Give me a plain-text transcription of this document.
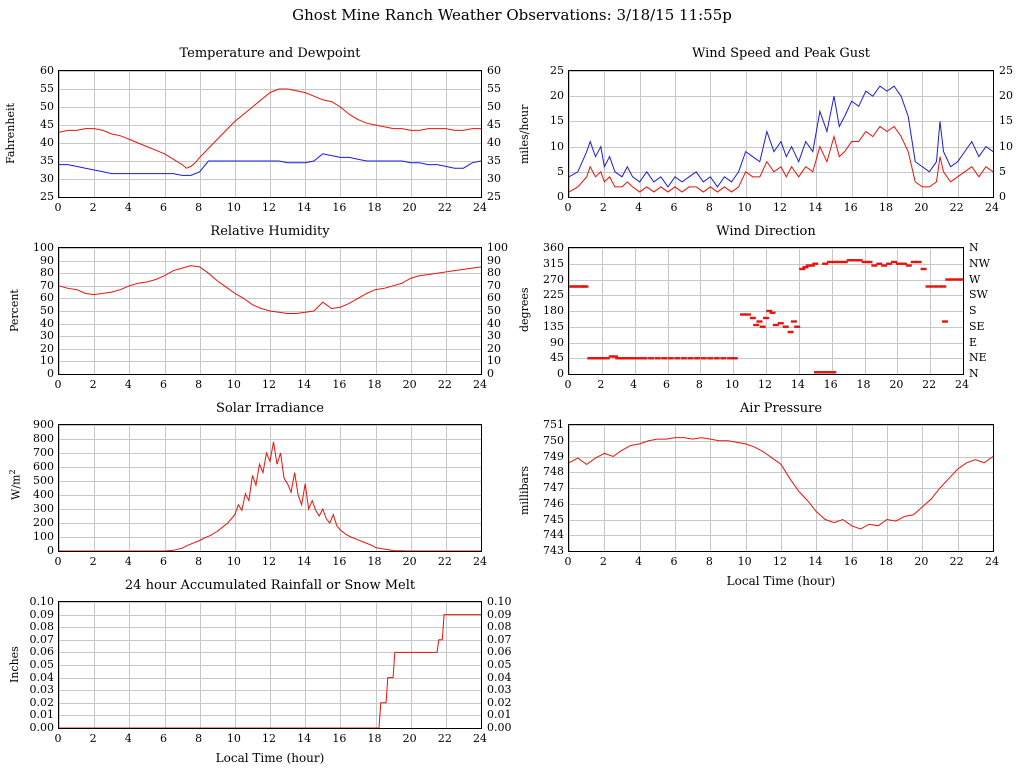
Ghost Mine Ranch Weather Observations: 3/18/15 11:55p
Temperature and Dewpoint
25
30
35
40
45
50
55
60
25
30
35
40
45
50
55
60
0	2	4	6	8	10	12	14	16	18	20	22	24
Fahrenheit
Wind Speed and Peak Gust
0
5
10
15
20
25
0
5
10
15
20
25
0	2	4	6	8	10	12	14	16	18	20	22	24
miles/hour
Relative Humidity
0
10
20
30
40
50
60
70
80
90
100
0
10
20
30
40
50
60
70
80
90
100
0	2	4	6	8	10	12	14	16	18	20	22	24
Percent
Wind Direction
0
45
90
135
180
225
270
315
360
N
NE
E
SE
S
SW
W
NW
N
0	2	4	6	8	10	12	14	16	18	20	22	24
degrees
Solar Irradiance
0
100
200
300
400
500
600
700
800
900
0	2	4	6	8	10	12	14	16	18	20	22	24
$W/m^2$
Air Pressure
743
744
745
746
747
748
749
750
751
0	2	4	6	8	10	12	14	16	18	20	22	24
millibars
Local Time (hour)
24 hour Accumulated Rainfall or Snow Melt
0.00
0.01
0.02
0.03
0.04
0.05
0.06
0.07
0.08
0.09
0.10
0.00
0.01
0.02
0.03
0.04
0.05
0.06
0.07
0.08
0.09
0.10
0	2	4	6	8	10	12	14	16	18	20	22	24
Inches
Local Time (hour)
